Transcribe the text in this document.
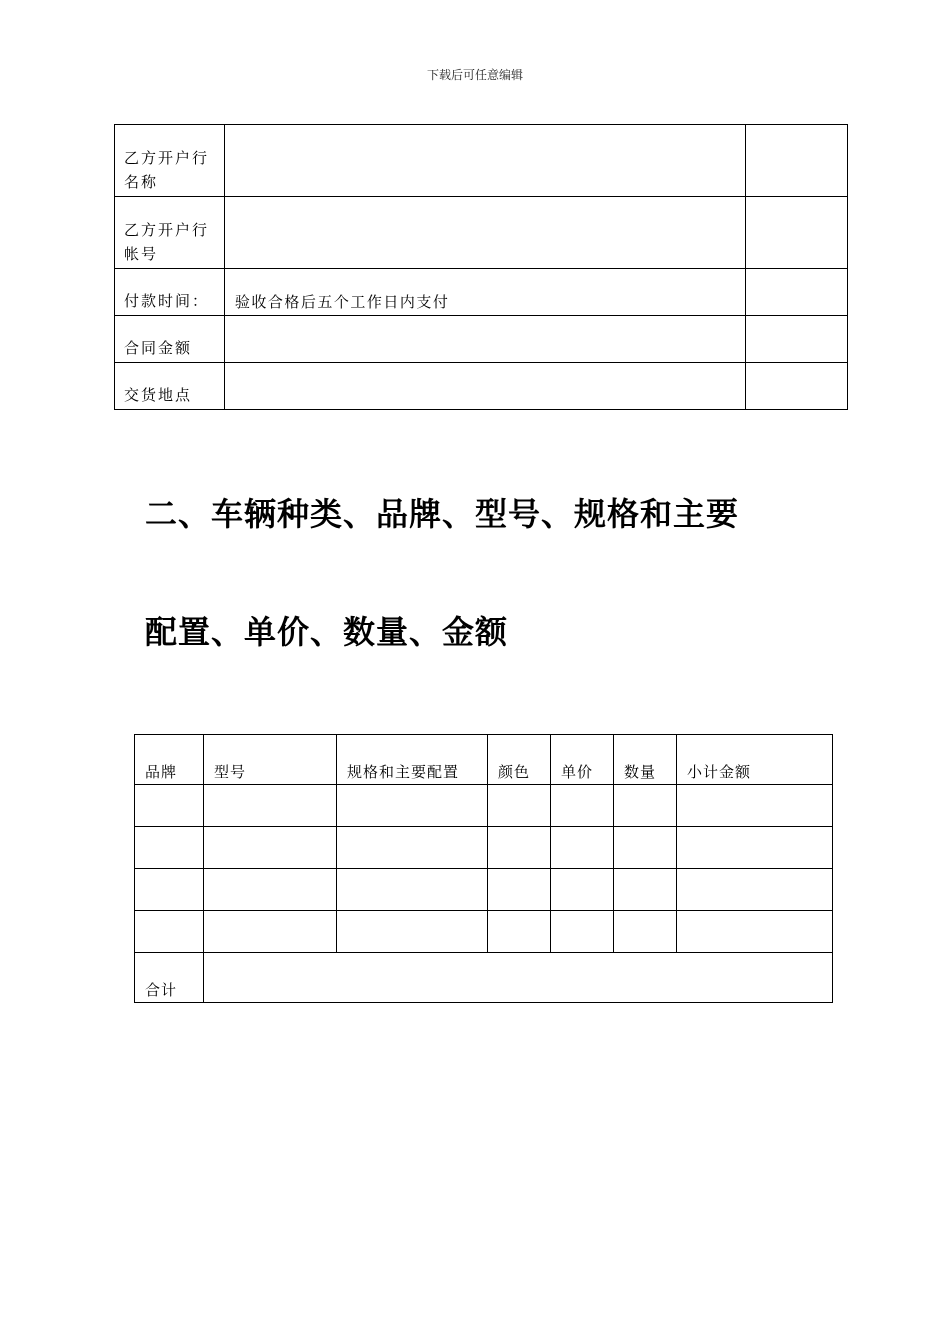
下载后可任意编辑
乙方开户行名称		
乙方开户行帐号		
付款时间：	验收合格后五个工作日内支付	
合同金额		
交货地点		
二、车辆种类、品牌、型号、规格和主要
配置、单价、数量、金额
品牌	型号	规格和主要配置	颜色	单价	数量	小计金额

合计						
